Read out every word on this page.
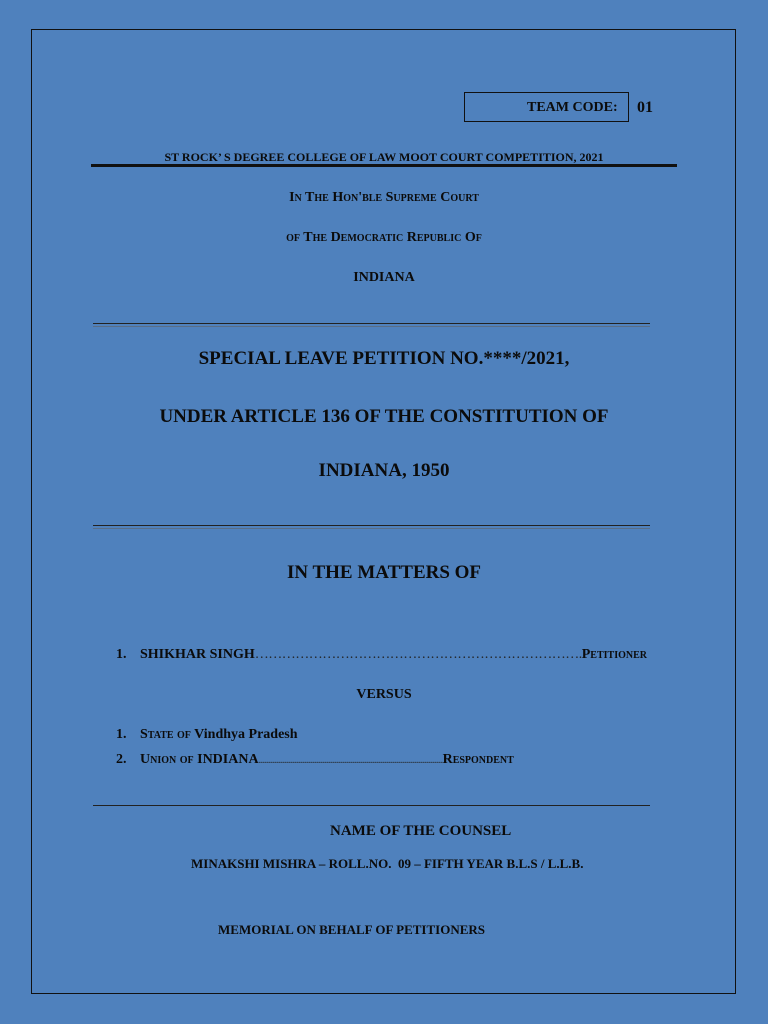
TEAM CODE: 01
ST ROCK’ S DEGREE COLLEGE OF LAW MOOT COURT COMPETITION, 2021
In The Hon'ble Supreme Court
of The Democratic Republic Of
INDIANA
SPECIAL LEAVE PETITION NO.****/2021,
UNDER ARTICLE 136 OF THE CONSTITUTION OF
INDIANA, 1950
IN THE MATTERS OF
1. SHIKHAR SINGH……………………………………………………………….Petitioner
VERSUS
1. State of Vindhya Pradesh
2. Union of INDIANA............................................................................................Respondent
NAME OF THE COUNSEL
MINAKSHI MISHRA – ROLL.NO.  09 – FIFTH YEAR B.L.S / L.L.B.
MEMORIAL ON BEHALF OF PETITIONERS
